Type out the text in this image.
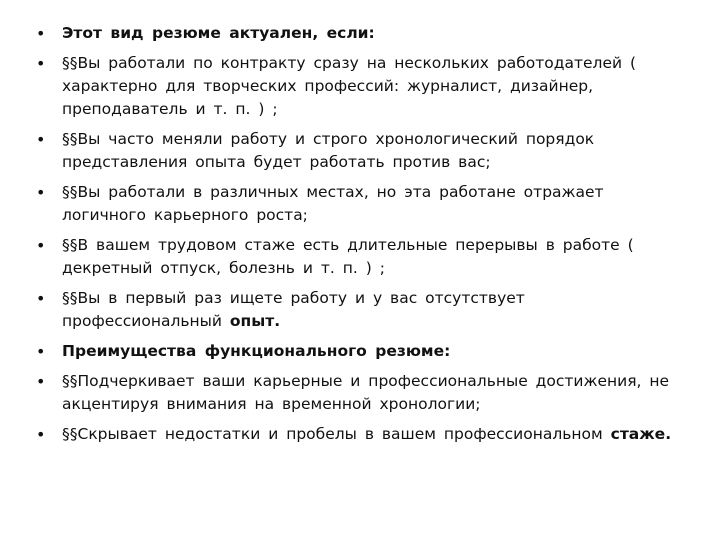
•	Этот вид резюме актуален, если:
•	§§Вы работали по контракту сразу на нескольких работодателей ( характерно для творческих профессий: журналист, дизайнер, преподаватель и т. п. ) ;
•	§§Вы часто меняли работу и строго хронологический порядок представления опыта будет работать против вас;
•	§§Вы работали в различных местах, но эта работане отражает логичного карьерного роста;
•	§§В вашем трудовом стаже есть длительные перерывы в работе ( декретный отпуск, болезнь и т. п. ) ;
•	§§Вы в первый раз ищете работу и у вас отсутствует профессиональный опыт.
•	Преимущества функционального резюме:
•	§§Подчеркивает ваши карьерные и профессиональные достижения, не акцентируя внимания на временной хронологии;
•	§§Скрывает недостатки и пробелы в вашем профессиональном стаже.
